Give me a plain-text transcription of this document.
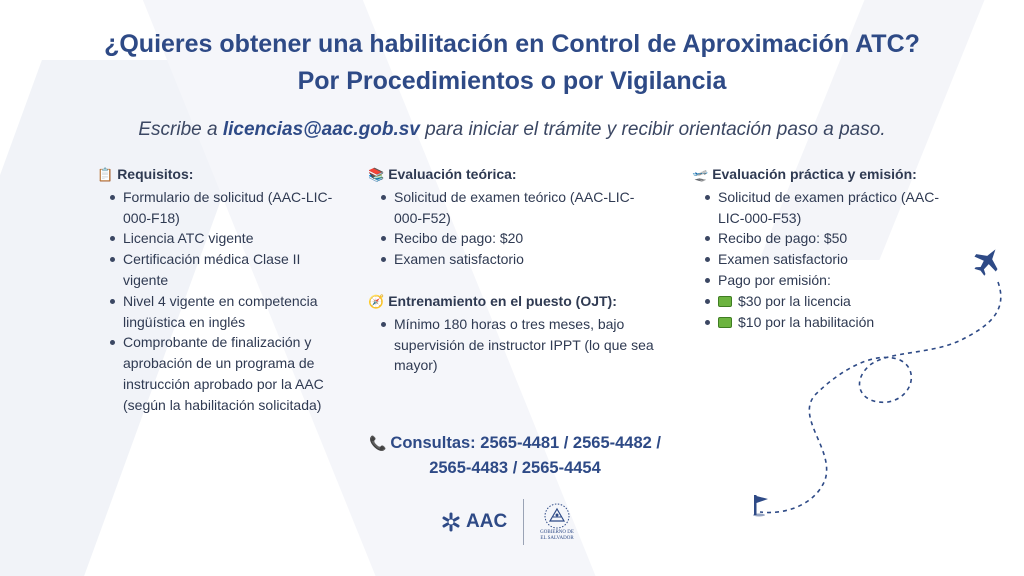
¿Quieres obtener una habilitación en Control de Aproximación ATC?
Por Procedimientos o por Vigilancia
Escribe a licencias@aac.gob.sv para iniciar el trámite y recibir orientación paso a paso.
📋 Requisitos:
Formulario de solicitud (AAC-LIC-000-F18)
Licencia ATC vigente
Certificación médica Clase II vigente
Nivel 4 vigente en competencia lingüística en inglés
Comprobante de finalización y aprobación de un programa de instrucción aprobado por la AAC (según la habilitación solicitada)
📚 Evaluación teórica:
Solicitud de examen teórico (AAC-LIC-000-F52)
Recibo de pago: $20
Examen satisfactorio
🧭 Entrenamiento en el puesto (OJT):
Mínimo 180 horas o tres meses, bajo supervisión de instructor IPPT (lo que sea mayor)
🛫 Evaluación práctica y emisión:
Solicitud de examen práctico (AAC-LIC-000-F53)
Recibo de pago: $50
Examen satisfactorio
Pago por emisión:
$30 por la licencia
$10 por la habilitación
📞 Consultas: 2565-4481 / 2565-4482 /
2565-4483 / 2565-4454
AAC
GOBIERNO DE
EL SALVADOR
